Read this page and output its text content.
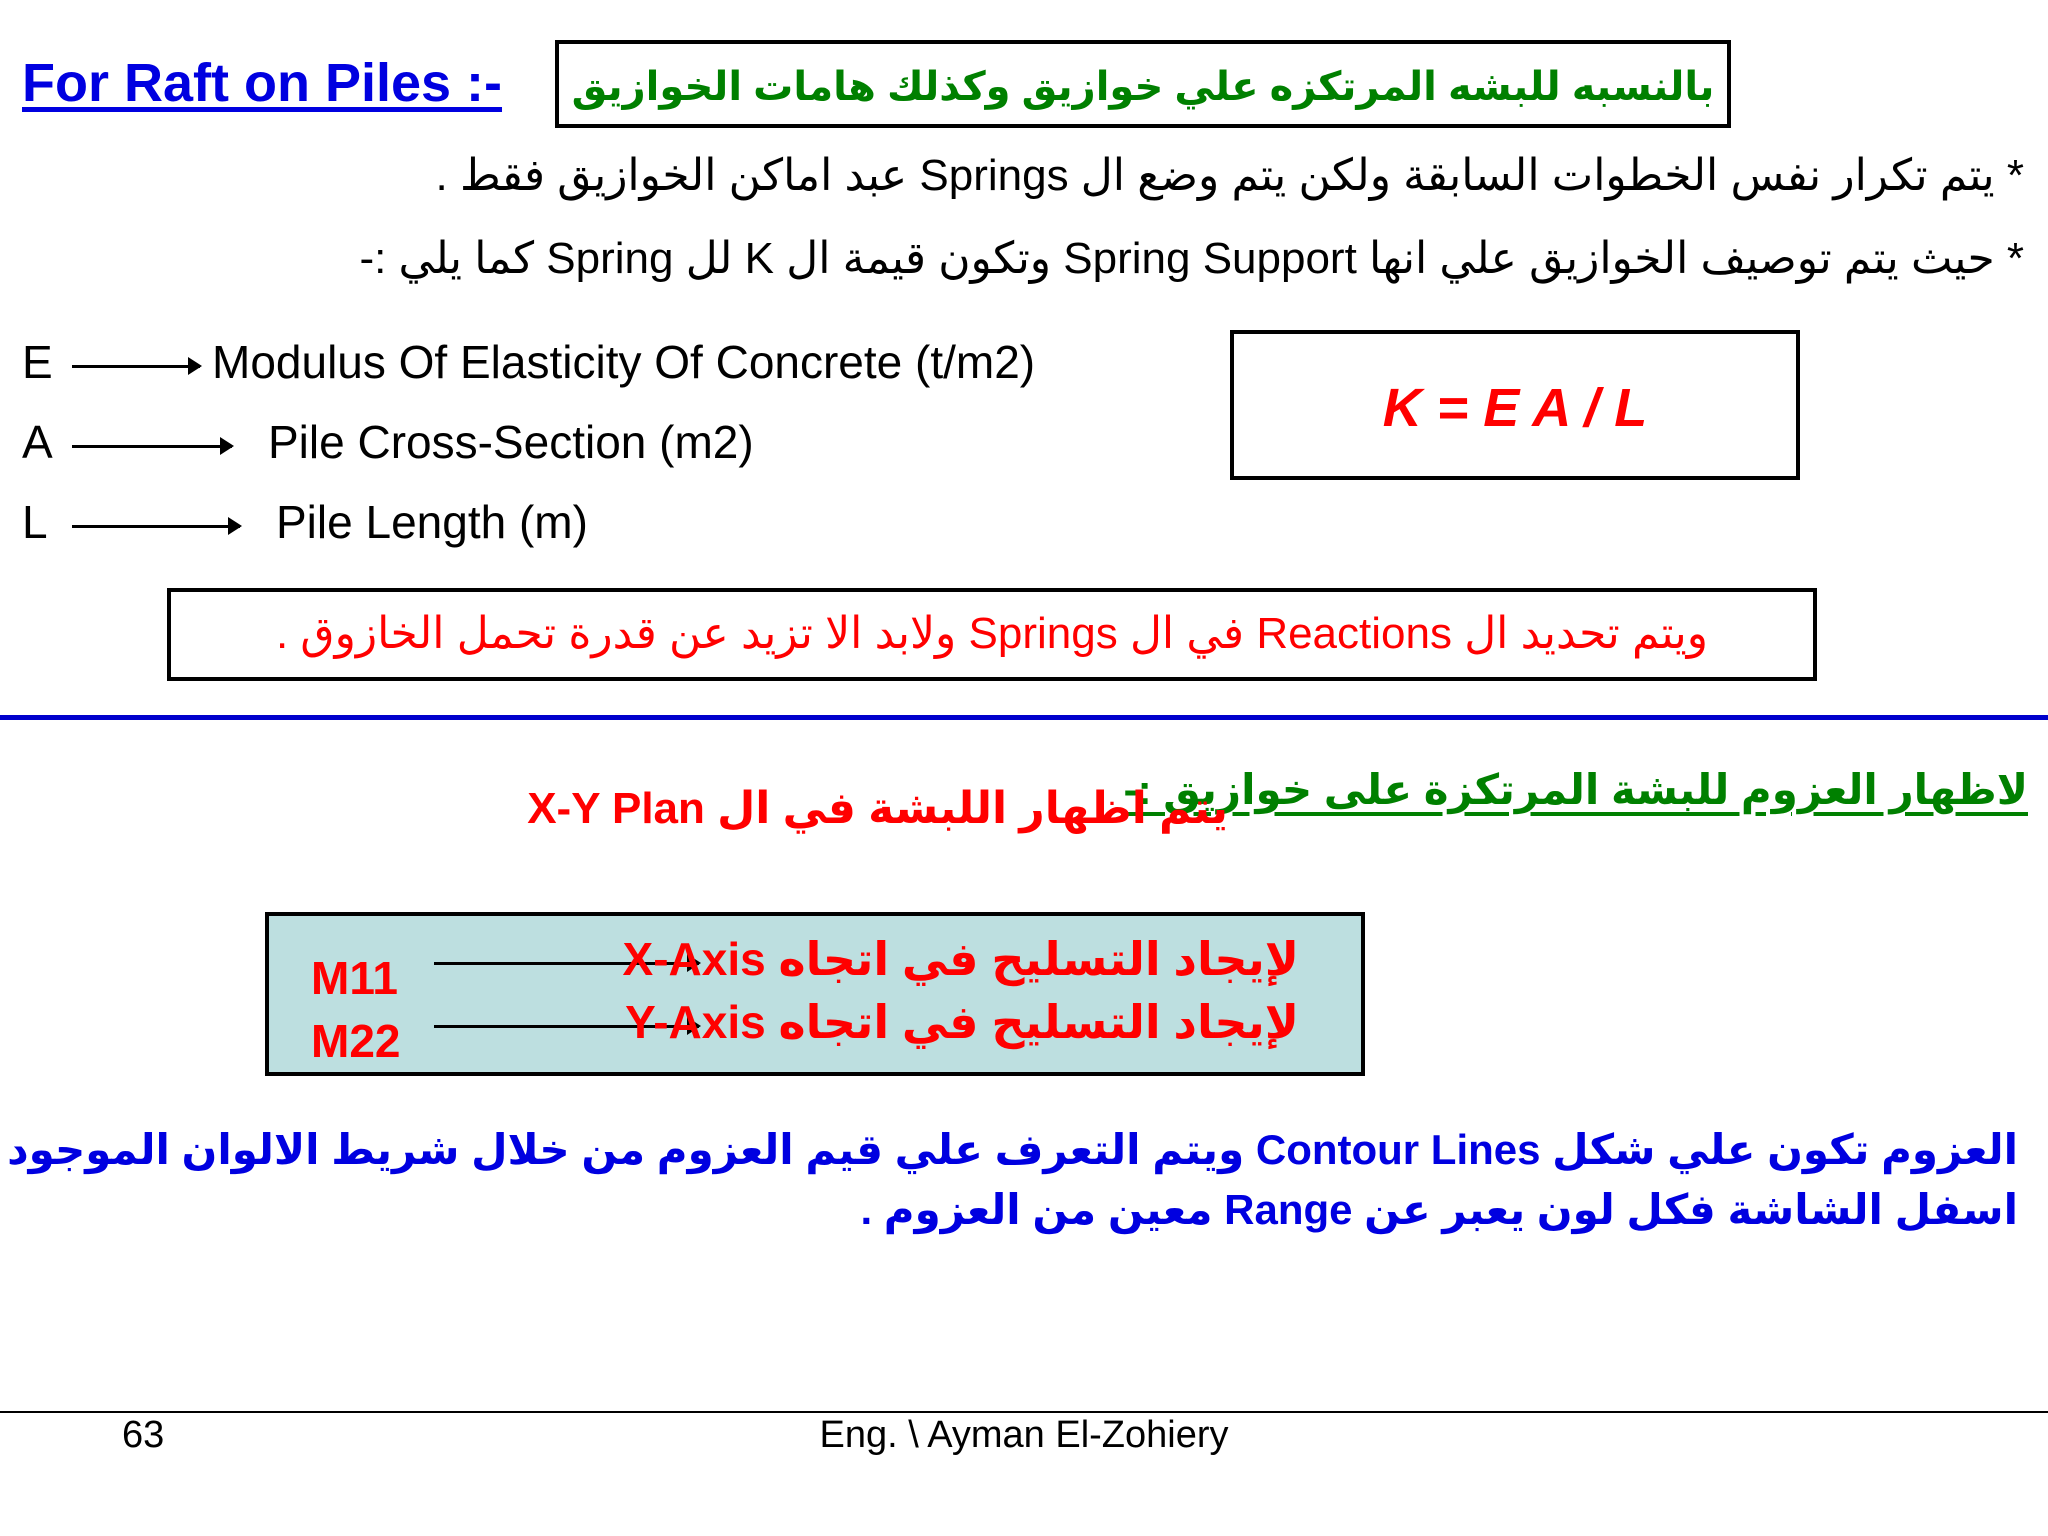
For Raft on Piles :-	بالنسبه للبشه المرتكزه علي خوازيق وكذلك هامات الخوازيق
* يتم تكرار نفس الخطوات السابقة ولكن يتم وضع ال Springs عبد اماكن الخوازيق فقط .
* حيث يتم توصيف الخوازيق علي انها Spring Support وتكون قيمة ال K لل Spring كما يلي :-
E	Modulus Of Elasticity Of Concrete (t/m2)
A	Pile Cross-Section (m2)
L	Pile Length (m)
K = E A / L
ويتم تحديد ال Reactions في ال Springs ولابد الا تزيد عن قدرة تحمل الخازوق .
لاظهار العزوم للبشة المرتكزة على خوازيق :-
يتم اظهار اللبشة في ال X-Y Plan
M11	لإيجاد التسليح في اتجاه X-Axis
M22	لإيجاد التسليح في اتجاه Y-Axis
العزوم تكون علي شكل Contour Lines ويتم التعرف علي قيم العزوم من خلال شريط الالوان الموجود
اسفل الشاشة فكل لون يعبر عن Range معين من العزوم .
63	Eng. \ Ayman El-Zohiery
